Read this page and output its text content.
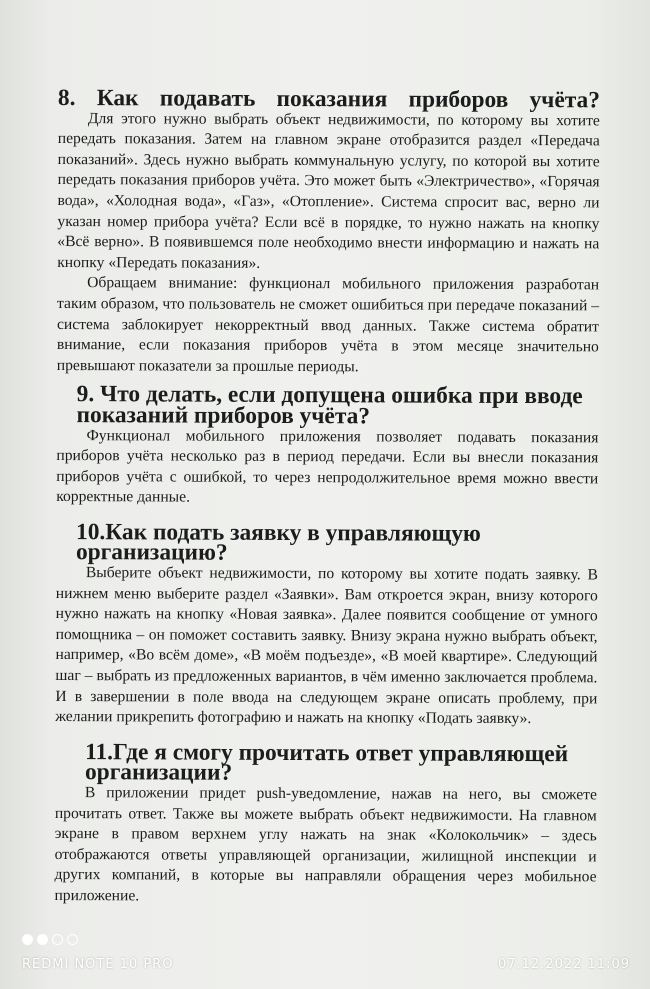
8. Как подавать показания приборов учёта?

Для этого нужно выбрать объект недвижимости, по которому вы хотите передать показания. Затем на главном экране отобразится раздел «Передача показаний». Здесь нужно выбрать коммунальную услугу, по которой вы хотите передать показания приборов учёта. Это может быть «Электричество», «Горячая вода», «Холодная вода», «Газ», «Отопление». Система спросит вас, верно ли указан номер прибора учёта? Если всё в порядке, то нужно нажать на кнопку «Всё верно». В появившемся поле необходимо внести информацию и нажать на кнопку «Передать показания».

Обращаем внимание: функционал мобильного приложения разработан таким образом, что пользователь не сможет ошибиться при передаче показаний – система заблокирует некорректный ввод данных. Также система обратит внимание, если показания приборов учёта в этом месяце значительно превышают показатели за прошлые периоды.

9. Что делать, если допущена ошибка при вводе показаний приборов учёта?

Функционал мобильного приложения позволяет подавать показания приборов учёта несколько раз в период передачи. Если вы внесли показания приборов учёта с ошибкой, то через непродолжительное время можно ввести корректные данные.

10.Как подать заявку в управляющую организацию?

Выберите объект недвижимости, по которому вы хотите подать заявку. В нижнем меню выберите раздел «Заявки». Вам откроется экран, внизу которого нужно нажать на кнопку «Новая заявка». Далее появится сообщение от умного помощника – он поможет составить заявку. Внизу экрана нужно выбрать объект, например, «Во всём доме», «В моём подъезде», «В моей квартире». Следующий шаг – выбрать из предложенных вариантов, в чём именно заключается проблема. И в завершении в поле ввода на следующем экране описать проблему, при желании прикрепить фотографию и нажать на кнопку «Подать заявку».

11.Где я смогу прочитать ответ управляющей организации?

В приложении придет push-уведомление, нажав на него, вы сможете прочитать ответ. Также вы можете выбрать объект недвижимости. На главном экране в правом верхнем углу нажать на знак «Колокольчик» – здесь отображаются ответы управляющей организации, жилищной инспекции и других компаний, в которые вы направляли обращения через мобильное приложение.

REDMI NOTE 10 PRO	07.12.2022 11:09
